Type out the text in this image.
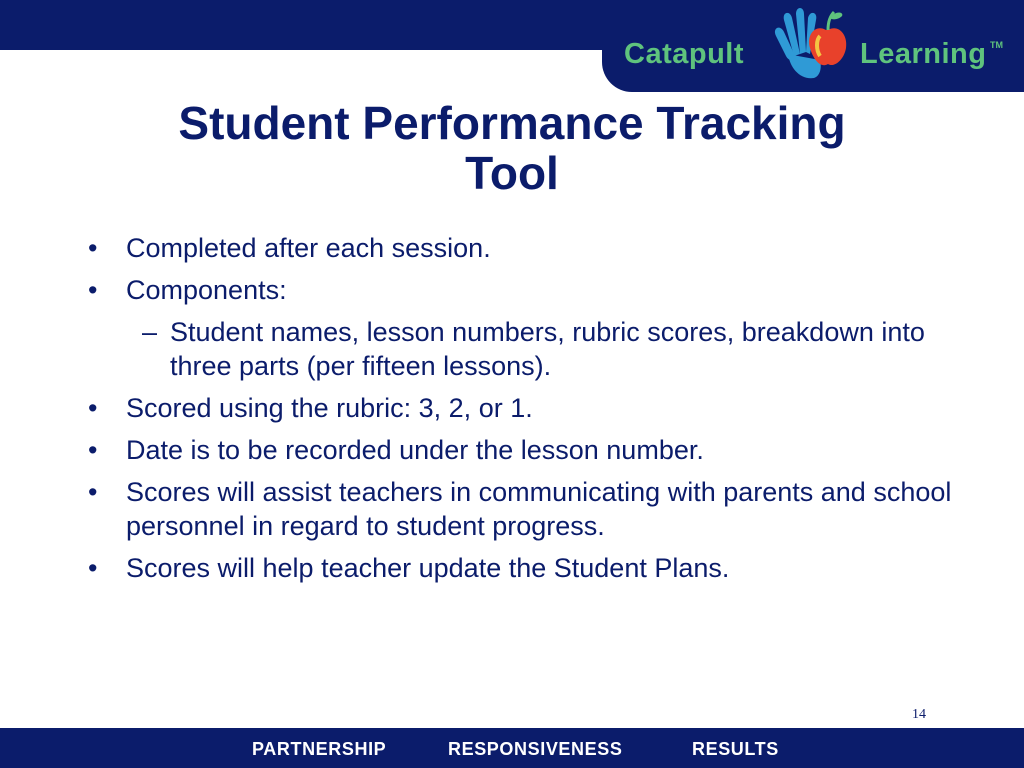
Catapult	Learning TM
Student Performance Tracking Tool
• Completed after each session.
• Components:
– Student names, lesson numbers, rubric scores, breakdown into three parts (per fifteen lessons).
• Scored using the rubric: 3, 2, or 1.
• Date is to be recorded under the lesson number.
• Scores will assist teachers in communicating with parents and school personnel in regard to student progress.
• Scores will help teacher update the Student Plans.
14
PARTNERSHIP	RESPONSIVENESS	RESULTS
